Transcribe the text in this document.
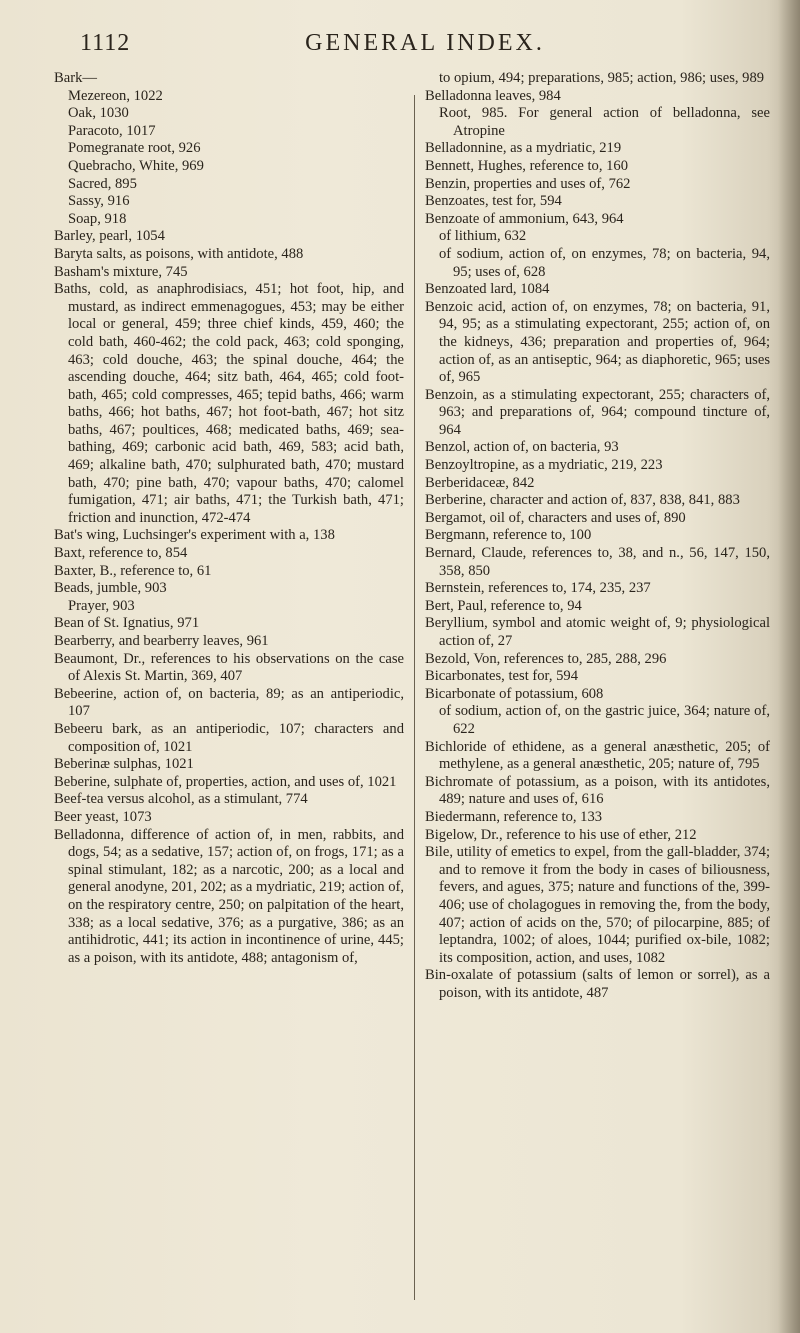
1112	GENERAL INDEX.
Bark—
Mezereon, 1022
Oak, 1030
Paracoto, 1017
Pomegranate root, 926
Quebracho, White, 969
Sacred, 895
Sassy, 916
Soap, 918
Barley, pearl, 1054
Baryta salts, as poisons, with antidote, 488
Basham's mixture, 745
Baths, cold, as anaphrodisiacs, 451; hot foot, hip, and mustard, as indirect emmenagogues, 453; may be either local or general, 459; three chief kinds, 459, 460; the cold bath, 460-462; the cold pack, 463; cold sponging, 463; cold douche, 463; the spinal douche, 464; the ascending douche, 464; sitz bath, 464, 465; cold foot-bath, 465; cold compresses, 465; tepid baths, 466; warm baths, 466; hot baths, 467; hot foot-bath, 467; hot sitz baths, 467; poultices, 468; medicated baths, 469; sea-bathing, 469; carbonic acid bath, 469, 583; acid bath, 469; alkaline bath, 470; sulphurated bath, 470; mustard bath, 470; pine bath, 470; vapour baths, 470; calomel fumigation, 471; air baths, 471; the Turkish bath, 471; friction and inunction, 472-474
Bat's wing, Luchsinger's experiment with a, 138
Baxt, reference to, 854
Baxter, B., reference to, 61
Beads, jumble, 903
Prayer, 903
Bean of St. Ignatius, 971
Bearberry, and bearberry leaves, 961
Beaumont, Dr., references to his observations on the case of Alexis St. Martin, 369, 407
Bebeerine, action of, on bacteria, 89; as an antiperiodic, 107
Bebeeru bark, as an antiperiodic, 107; characters and composition of, 1021
Beberinæ sulphas, 1021
Beberine, sulphate of, properties, action, and uses of, 1021
Beef-tea versus alcohol, as a stimulant, 774
Beer yeast, 1073
Belladonna, difference of action of, in men, rabbits, and dogs, 54; as a sedative, 157; action of, on frogs, 171; as a spinal stimulant, 182; as a narcotic, 200; as a local and general anodyne, 201, 202; as a mydriatic, 219; action of, on the respiratory centre, 250; on palpitation of the heart, 338; as a local sedative, 376; as a purgative, 386; as an antihidrotic, 441; its action in incontinence of urine, 445; as a poison, with its antidote, 488; antagonism of,
to opium, 494; preparations, 985; action, 986; uses, 989
Belladonna leaves, 984
Root, 985. For general action of belladonna, see Atropine
Belladonnine, as a mydriatic, 219
Bennett, Hughes, reference to, 160
Benzin, properties and uses of, 762
Benzoates, test for, 594
Benzoate of ammonium, 643, 964
of lithium, 632
of sodium, action of, on enzymes, 78; on bacteria, 94, 95; uses of, 628
Benzoated lard, 1084
Benzoic acid, action of, on enzymes, 78; on bacteria, 91, 94, 95; as a stimulating expectorant, 255; action of, on the kidneys, 436; preparation and properties of, 964; action of, as an antiseptic, 964; as diaphoretic, 965; uses of, 965
Benzoin, as a stimulating expectorant, 255; characters of, 963; and preparations of, 964; compound tincture of, 964
Benzol, action of, on bacteria, 93
Benzoyltropine, as a mydriatic, 219, 223
Berberidaceæ, 842
Berberine, character and action of, 837, 838, 841, 883
Bergamot, oil of, characters and uses of, 890
Bergmann, reference to, 100
Bernard, Claude, references to, 38, and n., 56, 147, 150, 358, 850
Bernstein, references to, 174, 235, 237
Bert, Paul, reference to, 94
Beryllium, symbol and atomic weight of, 9; physiological action of, 27
Bezold, Von, references to, 285, 288, 296
Bicarbonates, test for, 594
Bicarbonate of potassium, 608
of sodium, action of, on the gastric juice, 364; nature of, 622
Bichloride of ethidene, as a general anæsthetic, 205; of methylene, as a general anæsthetic, 205; nature of, 795
Bichromate of potassium, as a poison, with its antidotes, 489; nature and uses of, 616
Biedermann, reference to, 133
Bigelow, Dr., reference to his use of ether, 212
Bile, utility of emetics to expel, from the gall-bladder, 374; and to remove it from the body in cases of biliousness, fevers, and agues, 375; nature and functions of the, 399-406; use of cholagogues in removing the, from the body, 407; action of acids on the, 570; of pilocarpine, 885; of leptandra, 1002; of aloes, 1044; purified ox-bile, 1082; its composition, action, and uses, 1082
Bin-oxalate of potassium (salts of lemon or sorrel), as a poison, with its antidote, 487
